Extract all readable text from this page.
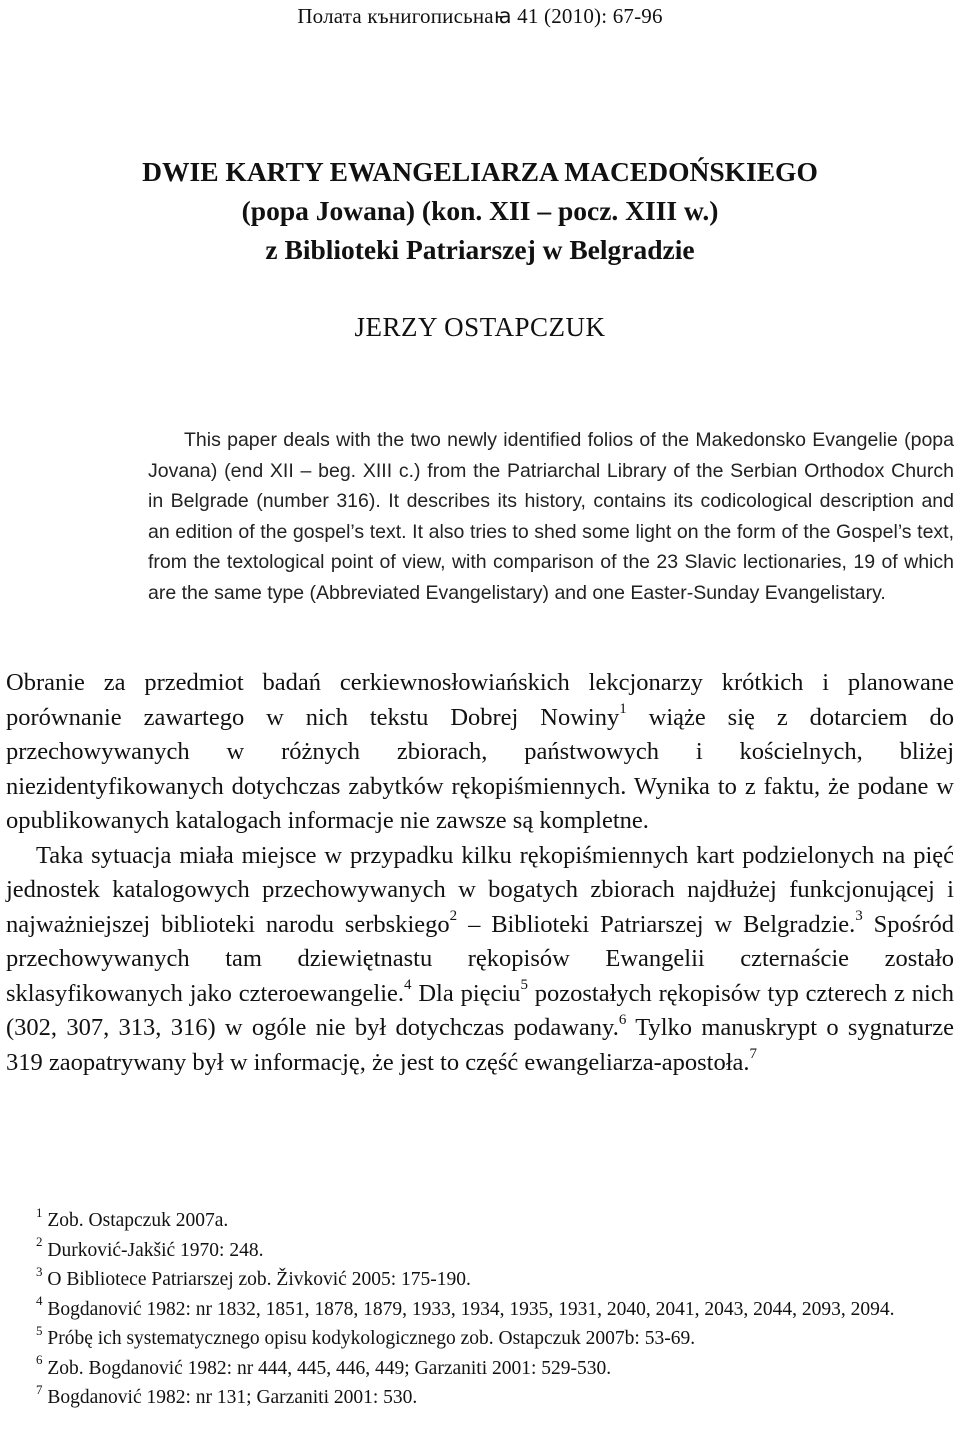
Полата кънигописьнаꙗ 41 (2010): 67-96
DWIE KARTY EWANGELIARZA MACEDOŃSKIEGO
(popa Jowana) (kon. XII – pocz. XIII w.)
z Biblioteki Patriarszej w Belgradzie
JERZY OSTAPCZUK

This paper deals with the two newly identified folios of the Makedonsko Evangelie (popa Jovana) (end XII – beg. XIII c.) from the Patriarchal Library of the Serbian Orthodox Church in Belgrade (number 316). It describes its history, contains its codicological description and an edition of the gospel’s text. It also tries to shed some light on the form of the Gospel’s text, from the textological point of view, with comparison of the 23 Slavic lectionaries, 19 of which are the same type (Abbreviated Evangelistary) and one Easter-Sunday Evangelistary.

Obranie za przedmiot badań cerkiewnosłowiańskich lekcjonarzy krótkich i planowane porównanie zawartego w nich tekstu Dobrej Nowiny$^1$ wiąże się z dotarciem do przechowywanych w różnych zbiorach, państwowych i kościelnych, bliżej niezidentyfikowanych dotychczas zabytków rękopiśmiennych. Wynika to z faktu, że podane w opublikowanych katalogach informacje nie zawsze są kompletne.

Taka sytuacja miała miejsce w przypadku kilku rękopiśmiennych kart podzielonych na pięć jednostek katalogowych przechowywanych w bogatych zbiorach najdłużej funkcjonującej i najważniejszej biblioteki narodu serbskiego$^2$ – Biblioteki Patriarszej w Belgradzie.$^3$ Spośród przechowywanych tam dziewiętnastu rękopisów Ewangelii czternaście zostało sklasyfikowanych jako czteroewangelie.$^4$ Dla pięciu$^5$ pozostałych rękopisów typ czterech z nich (302, 307, 313, 316) w ogóle nie był dotychczas podawany.$^6$ Tylko manuskrypt o sygnaturze 319 zaopatrywany był w informację, że jest to część ewangeliarza-apostoła.$^7$

$^1$ Zob. Ostapczuk 2007a.

$^2$ Durković-Jakšić 1970: 248.

$^3$ O Bibliotece Patriarszej zob. Živković 2005: 175-190.

$^4$ Bogdanović 1982: nr 1832, 1851, 1878, 1879, 1933, 1934, 1935, 1931, 2040, 2041, 2043, 2044, 2093, 2094.

$^5$ Próbę ich systematycznego opisu kodykologicznego zob. Ostapczuk 2007b: 53-69.

$^6$ Zob. Bogdanović 1982: nr 444, 445, 446, 449; Garzaniti 2001: 529-530.

$^7$ Bogdanović 1982: nr 131; Garzaniti 2001: 530.
